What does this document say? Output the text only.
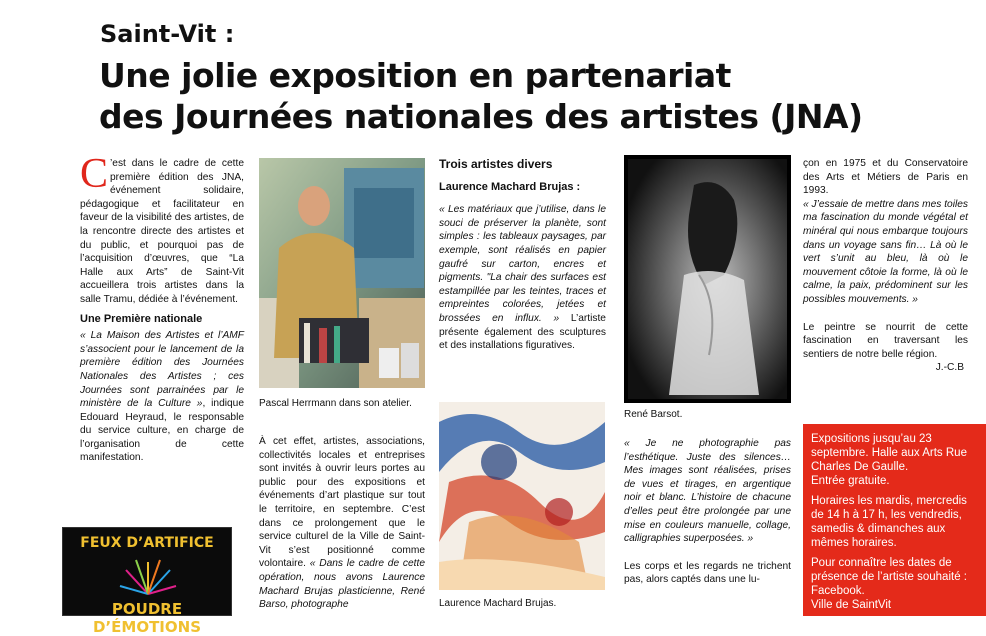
Saint-Vit :
Une jolie exposition en partenariat
des Journées nationales des artistes (JNA)

C ’est dans le cadre de cette première édition des JNA, événement solidaire, pédagogique et facilitateur en faveur de la visibilité des artistes, de la rencontre directe des artistes et du public, et pourquoi pas de l’acquisition d’œuvres, que “La Halle aux Arts” de Saint-Vit accueillera trois artistes dans la salle Tramu, dédiée à l’événement.

Une Première nationale

« La Maison des Artistes et l’AMF s’associent pour le lancement de la première édition des Journées Nationales des Artistes ; ces Journées sont parrainées par le ministère de la Culture », indique Edouard Heyraud, le responsable du service culture, en charge de l’organisation de cette manifestation.

Pascal Herrmann dans son atelier.

À cet effet, artistes, associations, collectivités locales et entreprises sont invités à ouvrir leurs portes au public pour des expositions et événements d’art plastique sur tout le territoire, en septembre. C’est dans ce prolongement que le service culturel de la Ville de Saint-Vit s’est positionné comme volontaire. « Dans le cadre de cette opération, nous avons Laurence Machard Brujas plasticienne, René Barso, photographe

Trois artistes divers
Laurence Machard Brujas :

« Les matériaux que j’utilise, dans le souci de préserver la planète, sont simples : les tableaux paysages, par exemple, sont réalisés en papier gaufré sur carton, encres et pigments. "La chair des surfaces est estampillée par les teintes, traces et empreintes colorées, jetées et brossées en influx. » L’artiste présente également des sculptures et des installations figuratives.

Laurence Machard Brujas.
René Barsot.

« Je ne photographie pas l’esthétique. Juste des silences… Mes images sont réalisées, prises de vues et tirages, en argentique noir et blanc. L’histoire de chacune d’elles peut être prolongée par une mise en couleurs manuelle, collage, calligraphies superposées. »

Les corps et les regards ne trichent pas, alors captés dans une lu-

çon en 1975 et du Conservatoire des Arts et Métiers de Paris en 1993.

« J’essaie de mettre dans mes toiles ma fascination du monde végétal et minéral qui nous embarque toujours dans un voyage sans fin… Là où le vert s’unit au bleu, là où le mouvement côtoie la forme, là où le calme, la paix, prédominent sur les possibles mouvements. »

Le peintre se nourrit de cette fascination en traversant les sentiers de notre belle région.

J.-C.B

Expositions jusqu’au 23 septembre. Halle aux Arts Rue Charles De Gaulle.

Entrée gratuite.

Horaires les mardis, mercredis de 14 h à 17 h, les vendredis, samedis & dimanches aux mêmes horaires.

Pour connaître les dates de présence de l’artiste souhaité : Facebook.

Ville de SaintVit

FEUX D’ARTIFICE
POUDRE D’ÉMOTIONS
